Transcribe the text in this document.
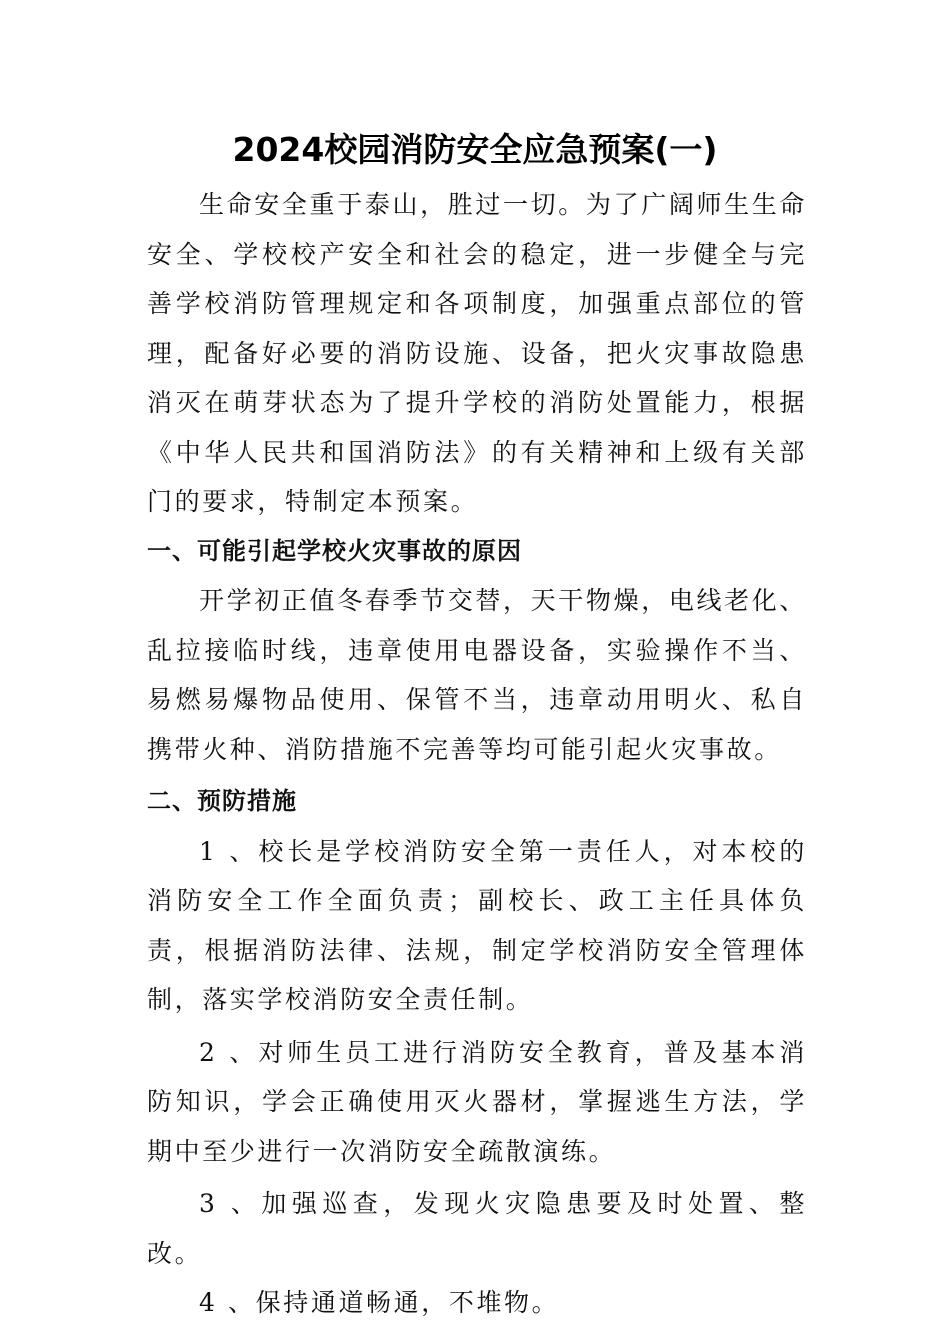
2024校园消防安全应急预案(一)

生命安全重于泰山，胜过一切。为了广阔师生生命安全、学校校产安全和社会的稳定，进一步健全与完善学校消防管理规定和各项制度，加强重点部位的管理，配备好必要的消防设施、设备，把火灾事故隐患消灭在萌芽状态为了提升学校的消防处置能力，根据《中华人民共和国消防法》的有关精神和上级有关部门的要求，特制定本预案。

一、可能引起学校火灾事故的原因

开学初正值冬春季节交替，天干物燥，电线老化、乱拉接临时线，违章使用电器设备，实验操作不当、易燃易爆物品使用、保管不当，违章动用明火、私自携带火种、消防措施不完善等均可能引起火灾事故。

二、预防措施

1 、校长是学校消防安全第一责任人，对本校的消防安全工作全面负责；副校长、政工主任具体负责，根据消防法律、法规，制定学校消防安全管理体制，落实学校消防安全责任制。

2 、对师生员工进行消防安全教育，普及基本消防知识，学会正确使用灭火器材，掌握逃生方法，学期中至少进行一次消防安全疏散演练。

3 、加强巡查，发现火灾隐患要及时处置、整改。

4 、保持通道畅通，不堆物。
